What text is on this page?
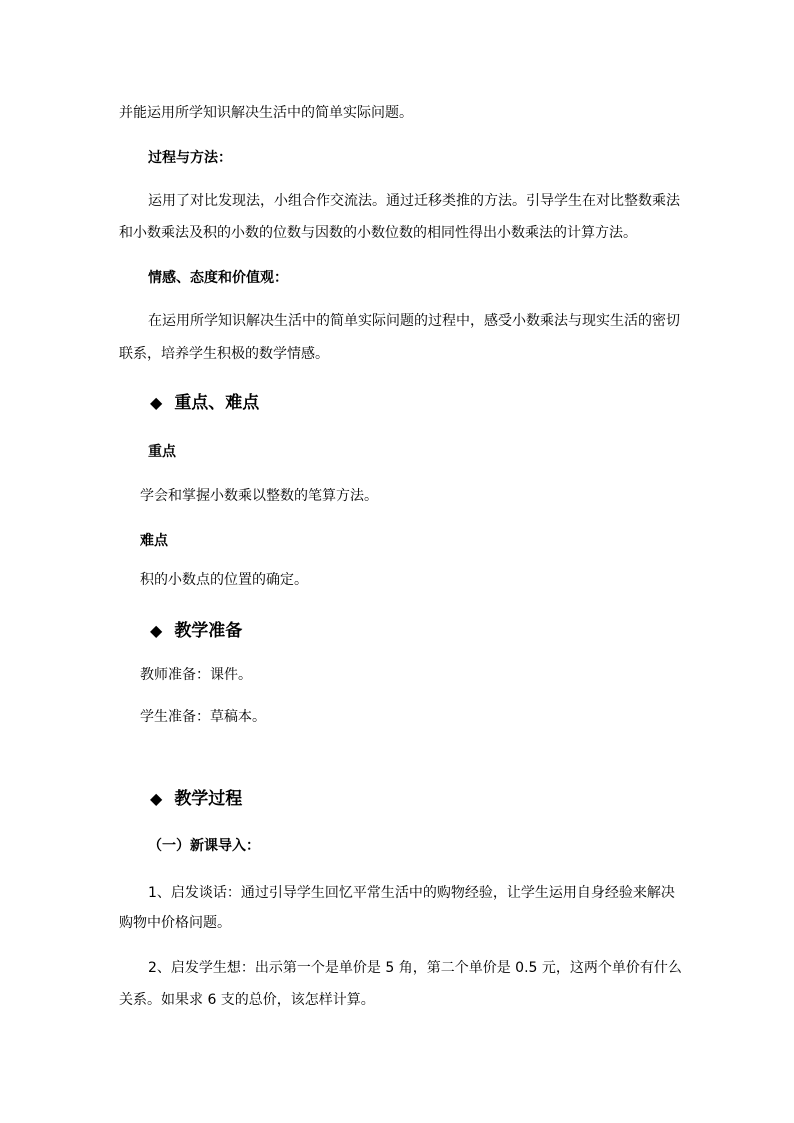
并能运用所学知识解决生活中的简单实际问题。
过程与方法：
运用了对比发现法，小组合作交流法。通过迁移类推的方法。引导学生在对比整数乘法
和小数乘法及积的小数的位数与因数的小数位数的相同性得出小数乘法的计算方法。
情感、态度和价值观：
在运用所学知识解决生活中的简单实际问题的过程中，感受小数乘法与现实生活的密切
联系，培养学生积极的数学情感。
◆ 重点、难点
重点
学会和掌握小数乘以整数的笔算方法。
难点
积的小数点的位置的确定。
◆ 教学准备
教师准备：课件。
学生准备：草稿本。
◆ 教学过程
（一）新课导入：
1、启发谈话：通过引导学生回忆平常生活中的购物经验，让学生运用自身经验来解决
购物中价格问题。
2、启发学生想：出示第一个是单价是 5 角，第二个单价是 0.5 元，这两个单价有什么
关系。如果求 6 支的总价，该怎样计算。
